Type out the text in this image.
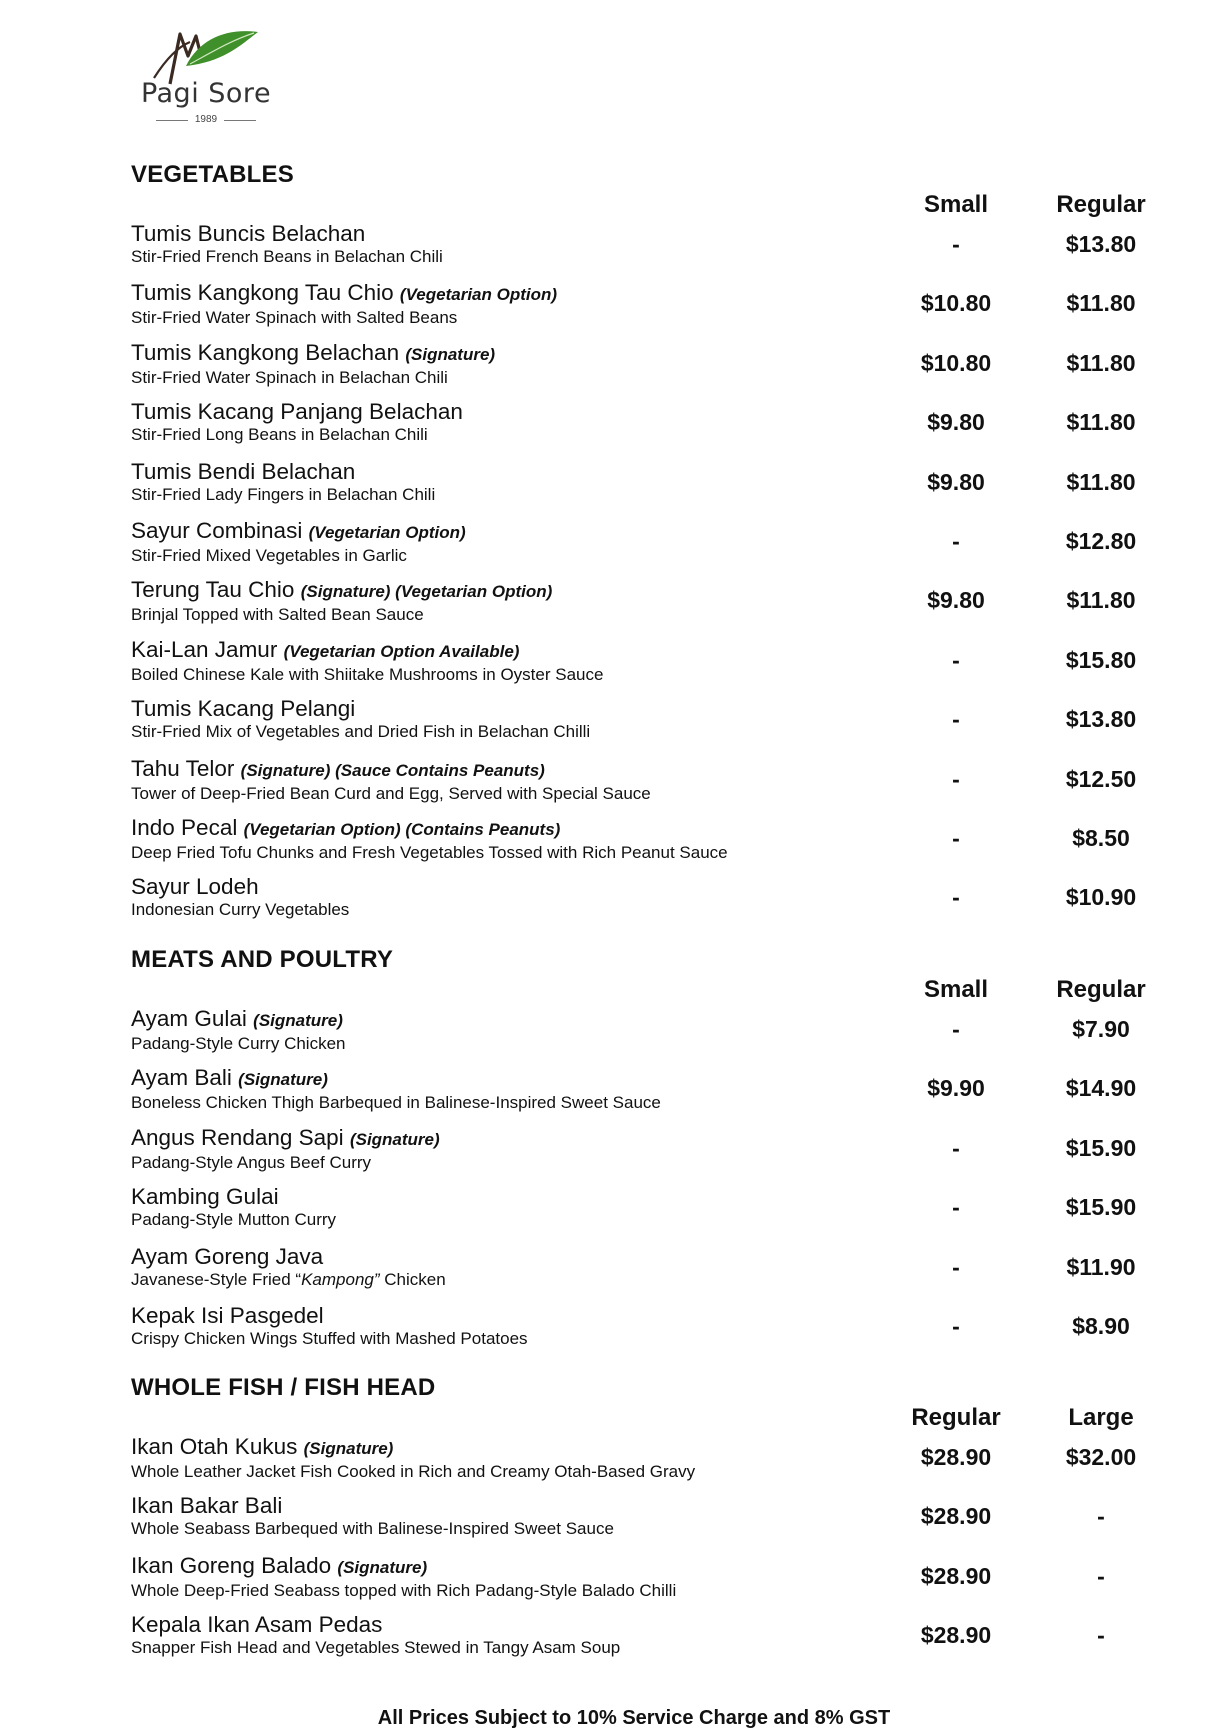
Pagi Sore
1989
VEGETABLES
Small	Regular
Tumis Buncis Belachan
Stir-Fried French Beans in Belachan Chili	-	$13.80
Tumis Kangkong Tau Chio (Vegetarian Option)
Stir-Fried Water Spinach with Salted Beans
$10.80	$11.80
Tumis Kangkong Belachan (Signature)
Stir-Fried Water Spinach in Belachan Chili
$10.80	$11.80
Tumis Kacang Panjang Belachan
Stir-Fried Long Beans in Belachan Chili	$9.80	$11.80
Tumis Bendi Belachan
Stir-Fried Lady Fingers in Belachan Chili	$9.80	$11.80
Sayur Combinasi (Vegetarian Option)
Stir-Fried Mixed Vegetables in Garlic
-	$12.80
Terung Tau Chio (Signature) (Vegetarian Option)
Brinjal Topped with Salted Bean Sauce
$9.80	$11.80
Kai-Lan Jamur (Vegetarian Option Available)
Boiled Chinese Kale with Shiitake Mushrooms in Oyster Sauce
-	$15.80
Tumis Kacang Pelangi
Stir-Fried Mix of Vegetables and Dried Fish in Belachan Chilli	-	$13.80
Tahu Telor (Signature) (Sauce Contains Peanuts)
Tower of Deep-Fried Bean Curd and Egg, Served with Special Sauce
-	$12.50
Indo Pecal (Vegetarian Option) (Contains Peanuts)
Deep Fried Tofu Chunks and Fresh Vegetables Tossed with Rich Peanut Sauce
-	$8.50
Sayur Lodeh
Indonesian Curry Vegetables	-	$10.90
MEATS AND POULTRY
Small	Regular
Ayam Gulai (Signature)
Padang-Style Curry Chicken
-	$7.90
Ayam Bali (Signature)
Boneless Chicken Thigh Barbequed in Balinese-Inspired Sweet Sauce
$9.90	$14.90
Angus Rendang Sapi (Signature)
Padang-Style Angus Beef Curry
-	$15.90
Kambing Gulai
Padang-Style Mutton Curry	-	$15.90
Ayam Goreng Java
Javanese-Style Fried “Kampong” Chicken	-	$11.90
Kepak Isi Pasgedel
Crispy Chicken Wings Stuffed with Mashed Potatoes	-	$8.90
WHOLE FISH / FISH HEAD
Regular	Large
Ikan Otah Kukus (Signature)
Whole Leather Jacket Fish Cooked in Rich and Creamy Otah-Based Gravy
$28.90	$32.00
Ikan Bakar Bali
Whole Seabass Barbequed with Balinese-Inspired Sweet Sauce	$28.90	-
Ikan Goreng Balado (Signature)
Whole Deep-Fried Seabass topped with Rich Padang-Style Balado Chilli
$28.90	-
Kepala Ikan Asam Pedas
Snapper Fish Head and Vegetables Stewed in Tangy Asam Soup	$28.90	-
All Prices Subject to 10% Service Charge and 8% GST
